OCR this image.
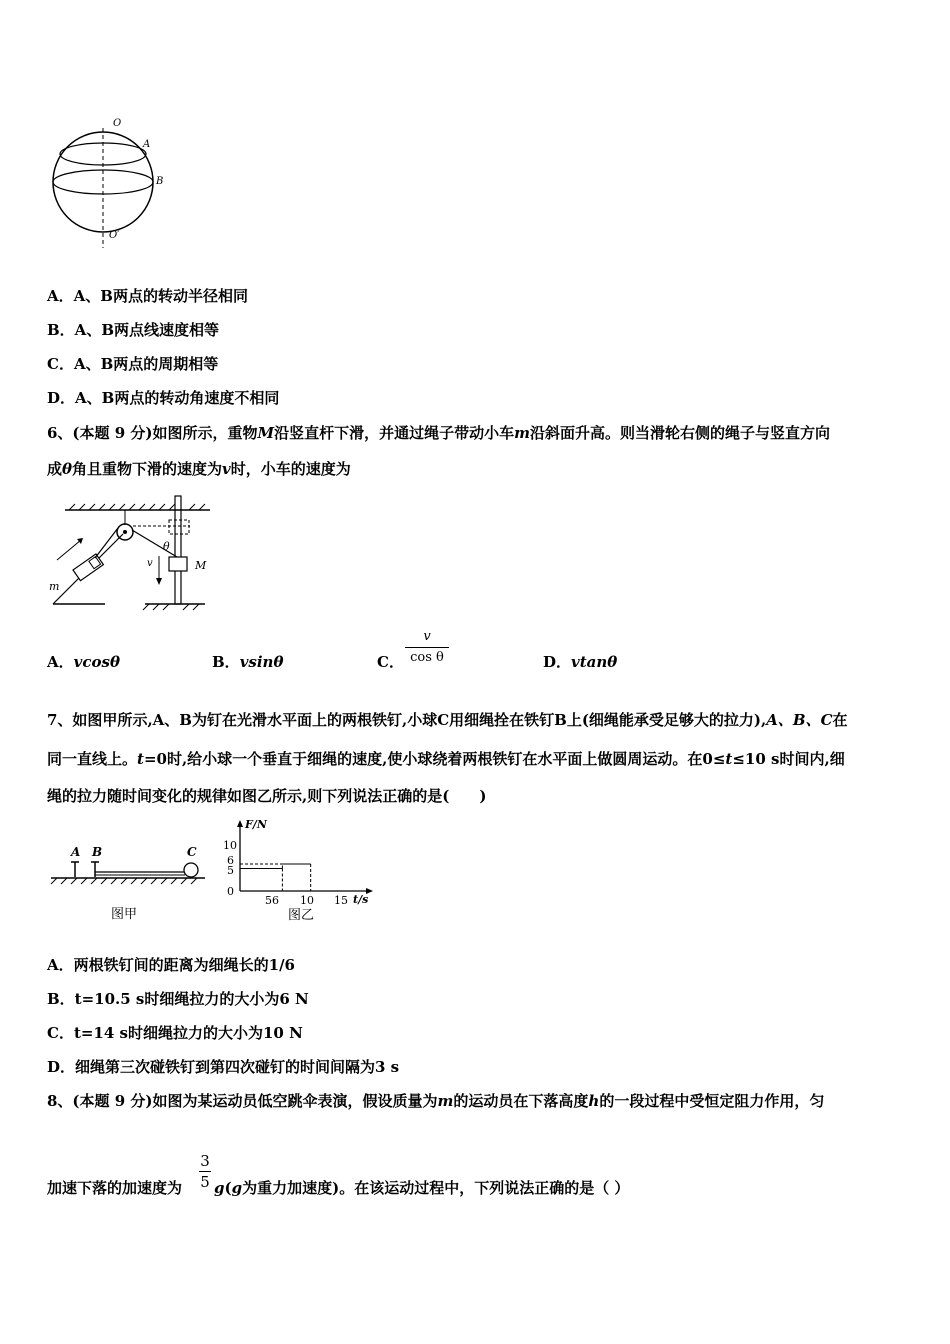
O
A
B
O′
A．A、B两点的转动半径相同
B．A、B两点线速度相等
C．A、B两点的周期相等
D．A、B两点的转动角速度不相同
6、(本题 9 分)如图所示，重物M沿竖直杆下滑，并通过绳子带动小车m沿斜面升高。则当滑轮右侧的绳子与竖直方向
成θ角且重物下滑的速度为v时，小车的速度为
M
θ
v
m
A．vcosθ	B．vsinθ	C．
v
cos θ	D．vtanθ
7、如图甲所示,A、B为钉在光滑水平面上的两根铁钉,小球C用细绳拴在铁钉B上(细绳能承受足够大的拉力),A、B、C在
同一直线上。t=0时,给小球一个垂直于细绳的速度,使小球绕着两根铁钉在水平面上做圆周运动。在0≤t≤10 s时间内,细
绳的拉力随时间变化的规律如图乙所示,则下列说法正确的是(　　)
A B	C
图甲
F/N
t/s
10
6
5
0
56 10 15
图乙
A．两根铁钉间的距离为细绳长的1/6
B．t=10.5 s时细绳拉力的大小为6 N
C．t=14 s时细绳拉力的大小为10 N
D．细绳第三次碰铁钉到第四次碰钉的时间间隔为3 s
8、(本题 9 分)如图为某运动员低空跳伞表演，假设质量为m的运动员在下落高度h的一段过程中受恒定阻力作用，匀
3
5
加速下落的加速度为 g(g为重力加速度)。在该运动过程中，下列说法正确的是（ ）
